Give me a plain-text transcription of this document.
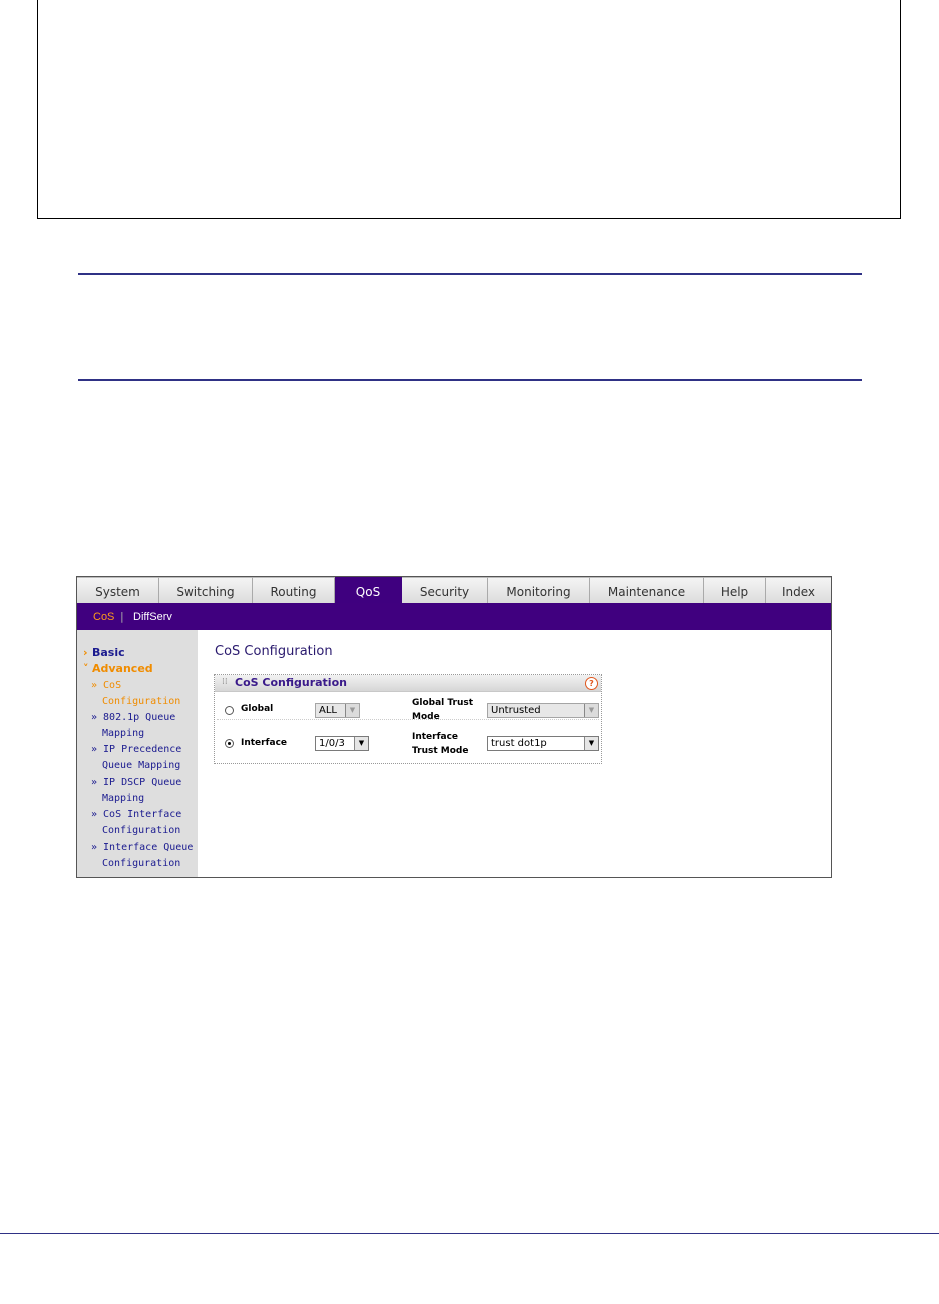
System	Switching	Routing	QoS	Security	Monitoring	Maintenance	Help	Index
CoS | DiffServ
› Basic
˅ Advanced
» CoS
Configuration
» 802.1p Queue
Mapping
» IP Precedence
Queue Mapping
» IP DSCP Queue
Mapping
» CoS Interface
Configuration
» Interface Queue
Configuration
CoS Configuration
⁞⁞ CoS Configuration	?
Global	ALL	▼
Global Trust
Mode
Untrusted	▼
Interface	1/0/3	▼
Interface
Trust Mode
trust dot1p	▼
